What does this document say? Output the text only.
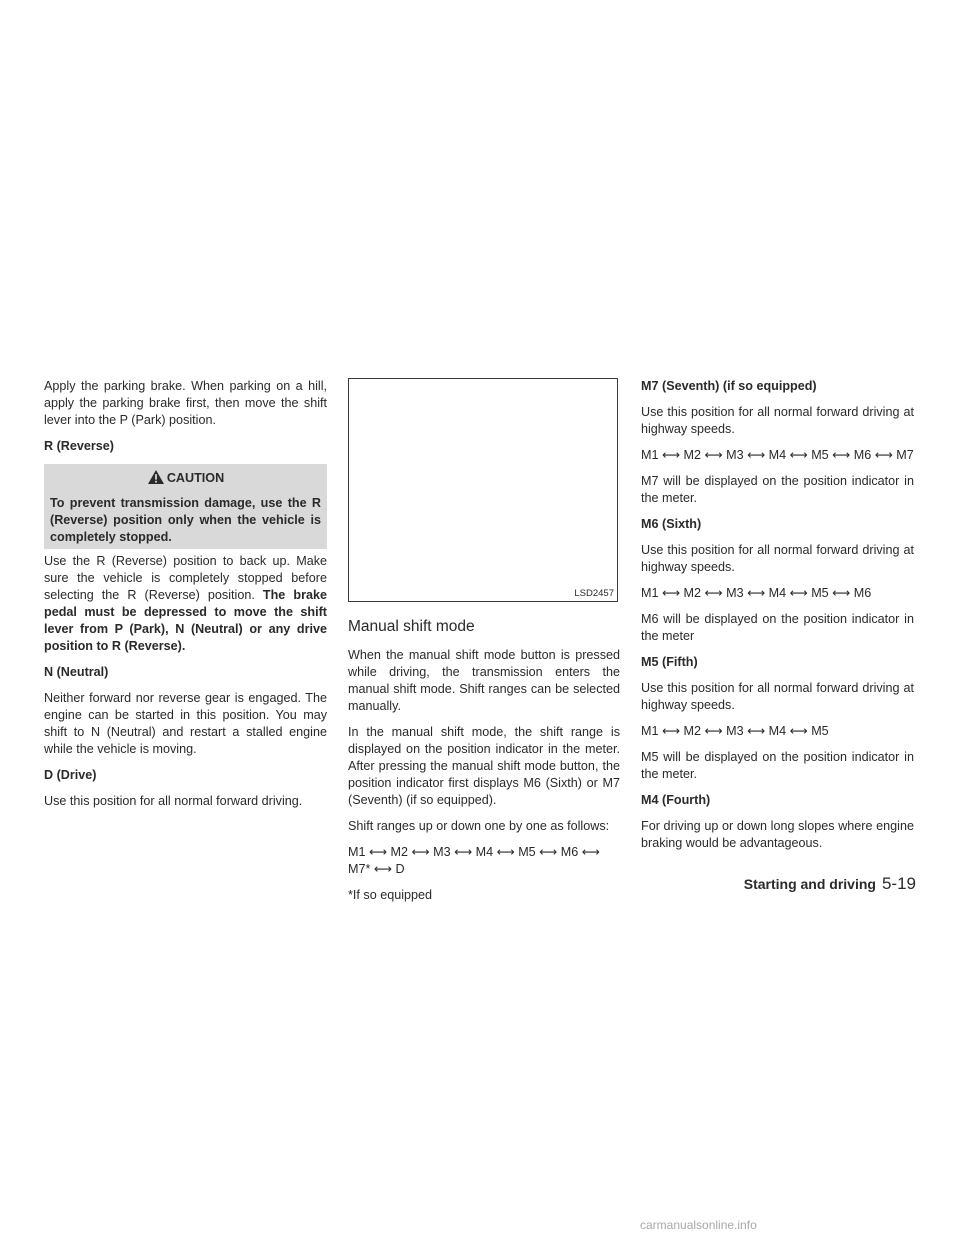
Apply the parking brake. When parking on a hill, apply the parking brake first, then move the shift lever into the P (Park) position.

R (Reverse)
CAUTION
To prevent transmission damage, use the R (Reverse) position only when the vehicle is completely stopped.

Use the R (Reverse) position to back up. Make sure the vehicle is completely stopped before selecting the R (Reverse) position. The brake pedal must be depressed to move the shift lever from P (Park), N (Neutral) or any drive position to R (Reverse).

N (Neutral)

Neither forward nor reverse gear is engaged. The engine can be started in this position. You may shift to N (Neutral) and restart a stalled engine while the vehicle is moving.

D (Drive)

Use this position for all normal forward driving.

LSD2457
Manual shift mode

When the manual shift mode button is pressed while driving, the transmission enters the manual shift mode. Shift ranges can be selected manually.

In the manual shift mode, the shift range is displayed on the position indicator in the meter. After pressing the manual shift mode button, the position indicator first displays M6 (Sixth) or M7 (Seventh) (if so equipped).

Shift ranges up or down one by one as follows:

M1 ⟷ M2 ⟷ M3 ⟷ M4 ⟷ M5 ⟷ M6 ⟷ M7* ⟷ D

*If so equipped

M7 (Seventh) (if so equipped)

Use this position for all normal forward driving at highway speeds.

M1 ⟷ M2 ⟷ M3 ⟷ M4 ⟷ M5 ⟷ M6 ⟷ M7

M7 will be displayed on the position indicator in the meter.

M6 (Sixth)

Use this position for all normal forward driving at highway speeds.

M1 ⟷ M2 ⟷ M3 ⟷ M4 ⟷ M5 ⟷ M6

M6 will be displayed on the position indicator in the meter

M5 (Fifth)

Use this position for all normal forward driving at highway speeds.

M1 ⟷ M2 ⟷ M3 ⟷ M4 ⟷ M5

M5 will be displayed on the position indicator in the meter.

M4 (Fourth)

For driving up or down long slopes where engine braking would be advantageous.

Starting and driving 5-19
carmanualsonline.info
